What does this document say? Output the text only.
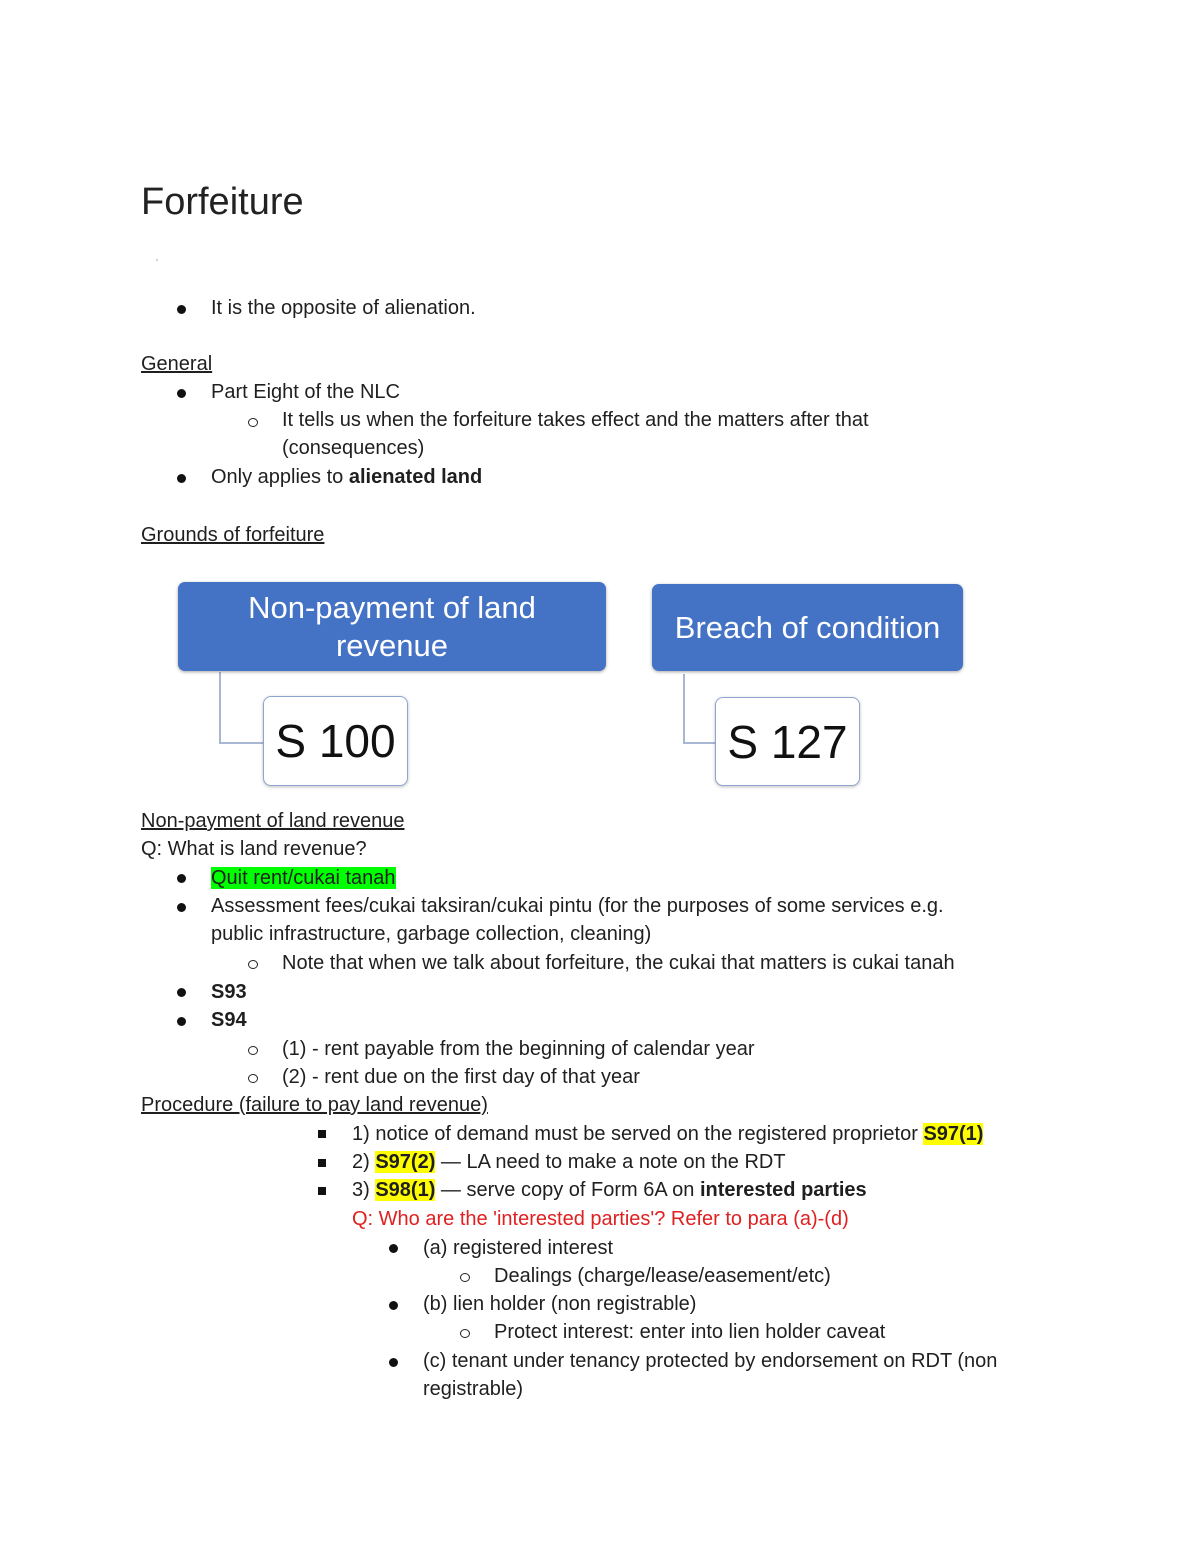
Forfeiture
'
It is the opposite of alienation.
General
Part Eight of the NLC
It tells us when the forfeiture takes effect and the matters after that
(consequences)
Only applies to alienated land
Grounds of forfeiture
Non-payment of land revenue
S 100
Breach of condition
S 127
Non-payment of land revenue
Q: What is land revenue?
Quit rent/cukai tanah
Assessment fees/cukai taksiran/cukai pintu (for the purposes of some services e.g.
public infrastructure, garbage collection, cleaning)
Note that when we talk about forfeiture, the cukai that matters is cukai tanah
S93
S94
(1) - rent payable from the beginning of calendar year
(2) - rent due on the first day of that year
Procedure (failure to pay land revenue)
1) notice of demand must be served on the registered proprietor S97(1)
2) S97(2) — LA need to make a note on the RDT
3) S98(1) — serve copy of Form 6A on interested parties
Q: Who are the 'interested parties'? Refer to para (a)-(d)
(a) registered interest
Dealings (charge/lease/easement/etc)
(b) lien holder (non registrable)
Protect interest: enter into lien holder caveat
(c) tenant under tenancy protected by endorsement on RDT (non
registrable)
